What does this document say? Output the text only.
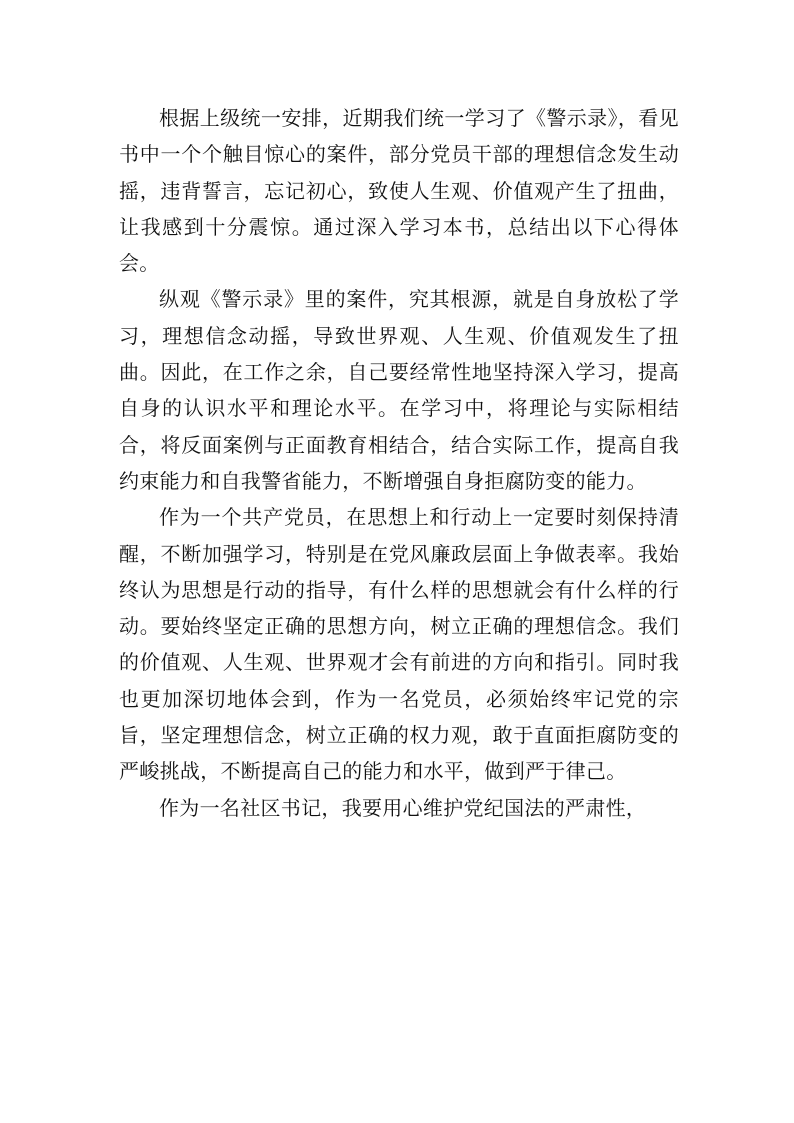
根据上级统一安排，近期我们统一学习了《警示录》，看见书中一个个触目惊心的案件，部分党员干部的理想信念发生动摇，违背誓言，忘记初心，致使人生观、价值观产生了扭曲，让我感到十分震惊。通过深入学习本书，总结出以下心得体会。

纵观《警示录》里的案件，究其根源，就是自身放松了学习，理想信念动摇，导致世界观、人生观、价值观发生了扭曲。因此，在工作之余，自己要经常性地坚持深入学习，提高自身的认识水平和理论水平。在学习中，将理论与实际相结合，将反面案例与正面教育相结合，结合实际工作，提高自我约束能力和自我警省能力，不断增强自身拒腐防变的能力。

作为一个共产党员，在思想上和行动上一定要时刻保持清醒，不断加强学习，特别是在党风廉政层面上争做表率。我始终认为思想是行动的指导，有什么样的思想就会有什么样的行动。要始终坚定正确的思想方向，树立正确的理想信念。我们的价值观、人生观、世界观才会有前进的方向和指引。同时我也更加深切地体会到，作为一名党员，必须始终牢记党的宗旨，坚定理想信念，树立正确的权力观，敢于直面拒腐防变的严峻挑战，不断提高自己的能力和水平，做到严于律己。

作为一名社区书记，我要用心维护党纪国法的严肃性，
